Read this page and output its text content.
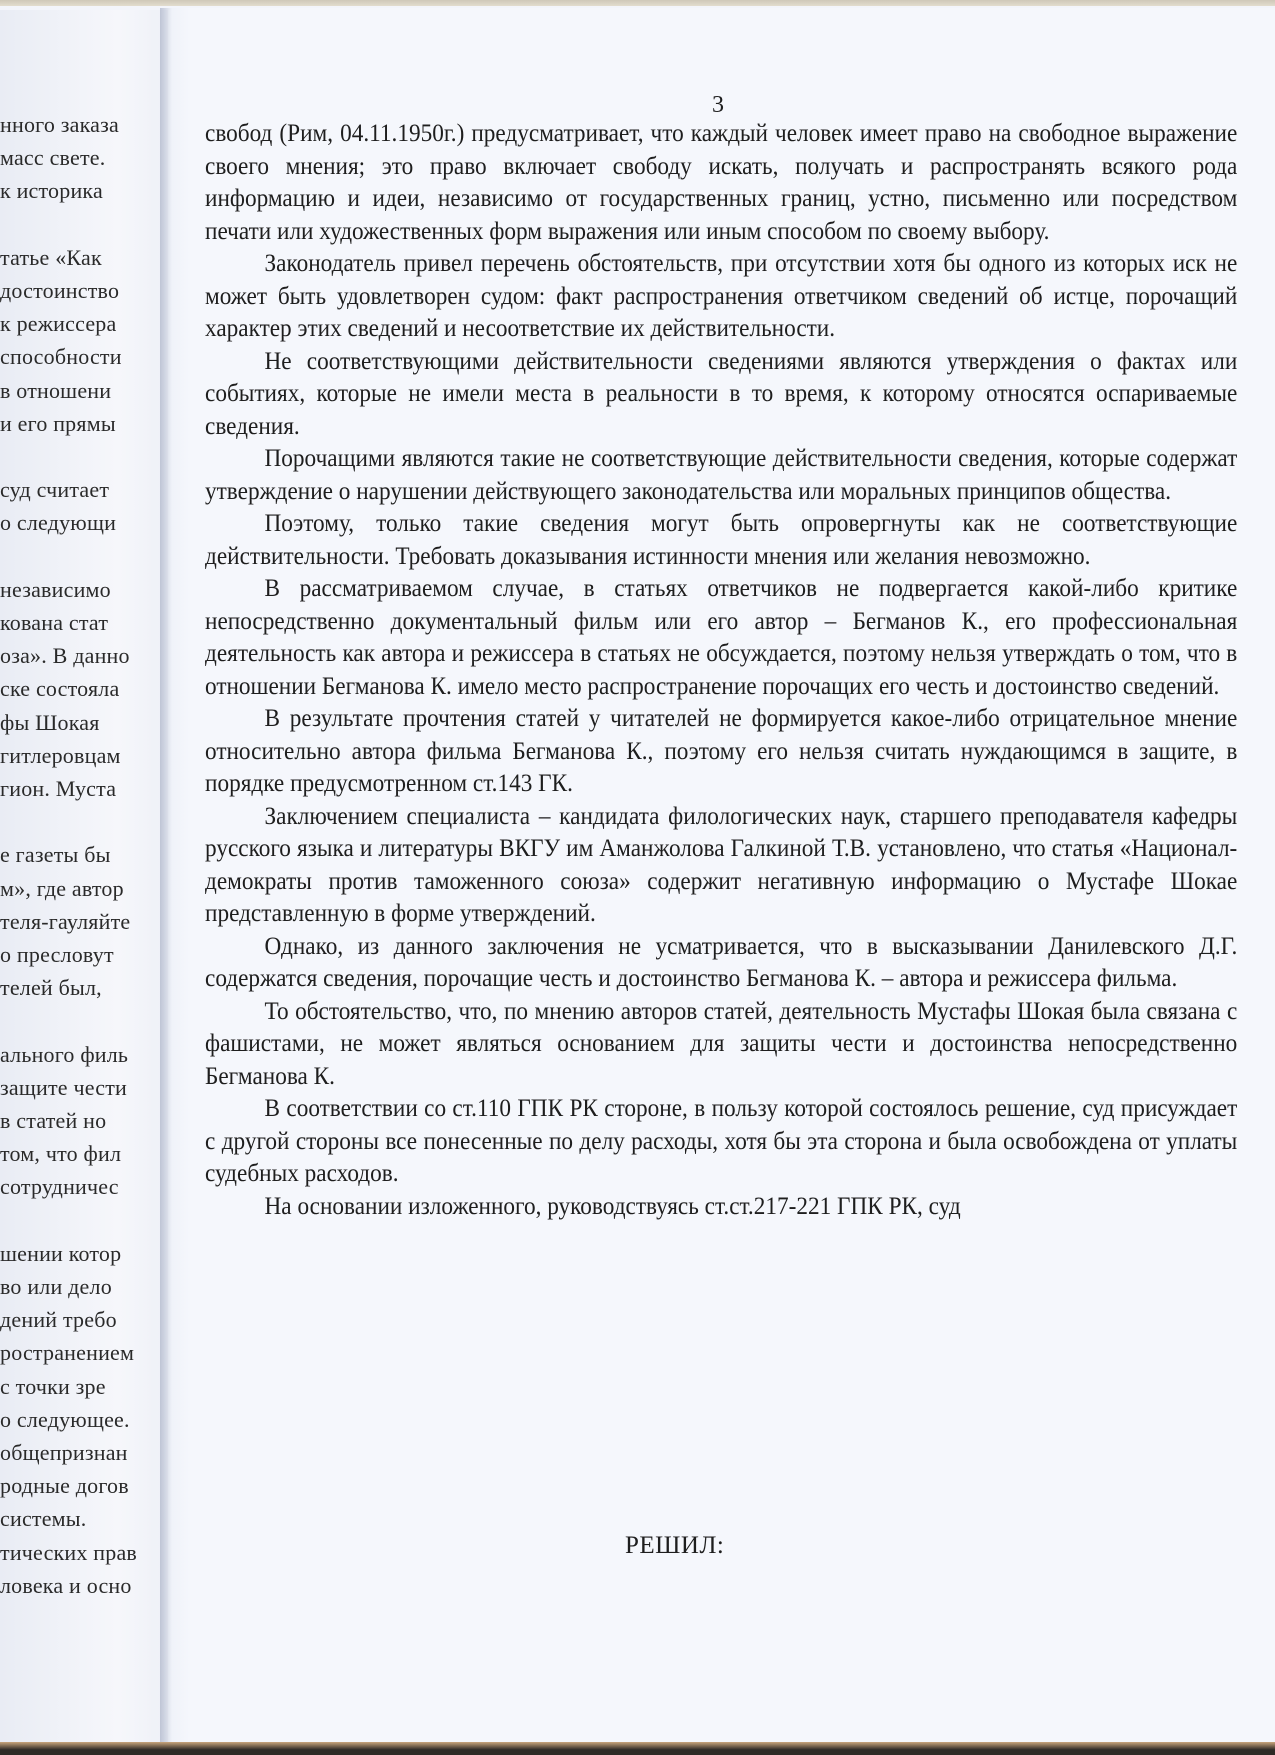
нного заказа
масс свете.
к историка
татье «Как
достоинство
к режиссера
способности
в отношени
и его прямы
суд считает
о следующи
независимо
кована стат
оза». В данно
ске состояла
фы Шокая
гитлеровцам
гион. Муста
е газеты бы
м», где автор
теля-гауляйте
о пресловут
телей был,
ального филь
защите чести
в статей но
том, что фил
сотрудничес
шении котор
во или дело
дений требо
ространением
с точки зре
о следующее.
общепризнан
родные догов
системы.
тических прав
ловека и осно
3

свобод (Рим, 04.11.1950г.) предусматривает, что каждый человек имеет право на свободное выражение своего мнения; это право включает свободу искать, получать и распространять всякого рода информацию и идеи, независимо от государственных границ, устно, письменно или посредством печати или художественных форм выражения или иным способом по своему выбору.

Законодатель привел перечень обстоятельств, при отсутствии хотя бы одного из которых иск не может быть удовлетворен судом: факт распространения ответчиком сведений об истце, порочащий характер этих сведений и несоответствие их действительности.

Не соответствующими действительности сведениями являются утверждения о фактах или событиях, которые не имели места в реальности в то время, к которому относятся оспариваемые сведения.

Порочащими являются такие не соответствующие действительности сведения, которые содержат утверждение о нарушении действующего законодательства или моральных принципов общества.

Поэтому, только такие сведения могут быть опровергнуты как не соответствующие действительности. Требовать доказывания истинности мнения или желания невозможно.

В рассматриваемом случае, в статьях ответчиков не подвергается какой-либо критике непосредственно документальный фильм или его автор – Бегманов К., его профессиональная деятельность как автора и режиссера в статьях не обсуждается, поэтому нельзя утверждать о том, что в отношении Бегманова К. имело место распространение порочащих его честь и достоинство сведений.

В результате прочтения статей у читателей не формируется какое-либо отрицательное мнение относительно автора фильма Бегманова К., поэтому его нельзя считать нуждающимся в защите, в порядке предусмотренном ст.143 ГК.

Заключением специалиста – кандидата филологических наук, старшего преподавателя кафедры русского языка и литературы ВКГУ им Аманжолова Галкиной Т.В. установлено, что статья «Национал-демократы против таможенного союза» содержит негативную информацию о Мустафе Шокае представленную в форме утверждений.

Однако, из данного заключения не усматривается, что в высказывании Данилевского Д.Г. содержатся сведения, порочащие честь и достоинство Бегманова К. – автора и режиссера фильма.

То обстоятельство, что, по мнению авторов статей, деятельность Мустафы Шокая была связана с фашистами, не может являться основанием для защиты чести и достоинства непосредственно Бегманова К.

В соответствии со ст.110 ГПК РК стороне, в пользу которой состоялось решение, суд присуждает с другой стороны все понесенные по делу расходы, хотя бы эта сторона и была освобождена от уплаты судебных расходов.

На основании изложенного, руководствуясь ст.ст.217-221 ГПК РК, суд

РЕШИЛ:
